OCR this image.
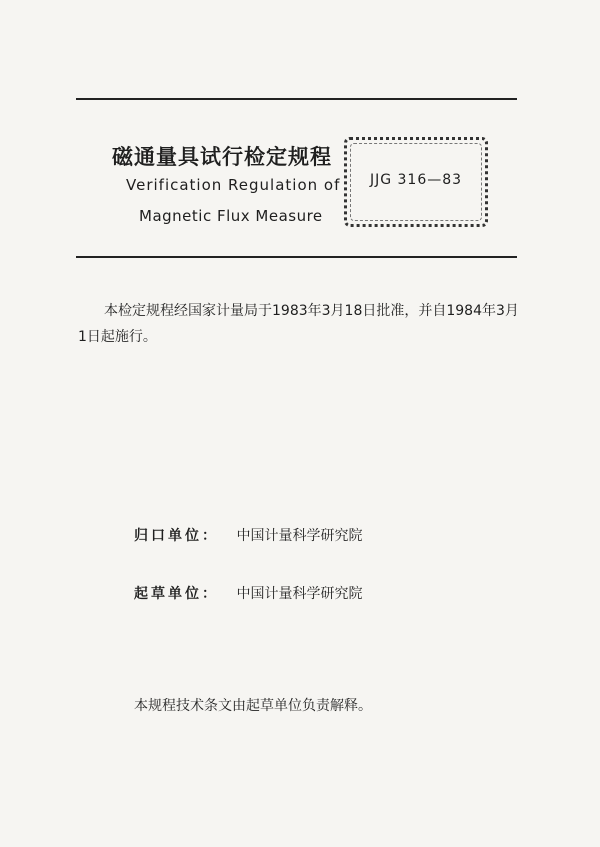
磁通量具试行检定规程
Verification Regulation of
Magnetic Flux Measure
JJG 316—83
本检定规程经国家计量局于1983年3月18日批准，并自1984年3月1日起施行。
归口单位： 中国计量科学研究院
起草单位： 中国计量科学研究院
本规程技术条文由起草单位负责解释。
